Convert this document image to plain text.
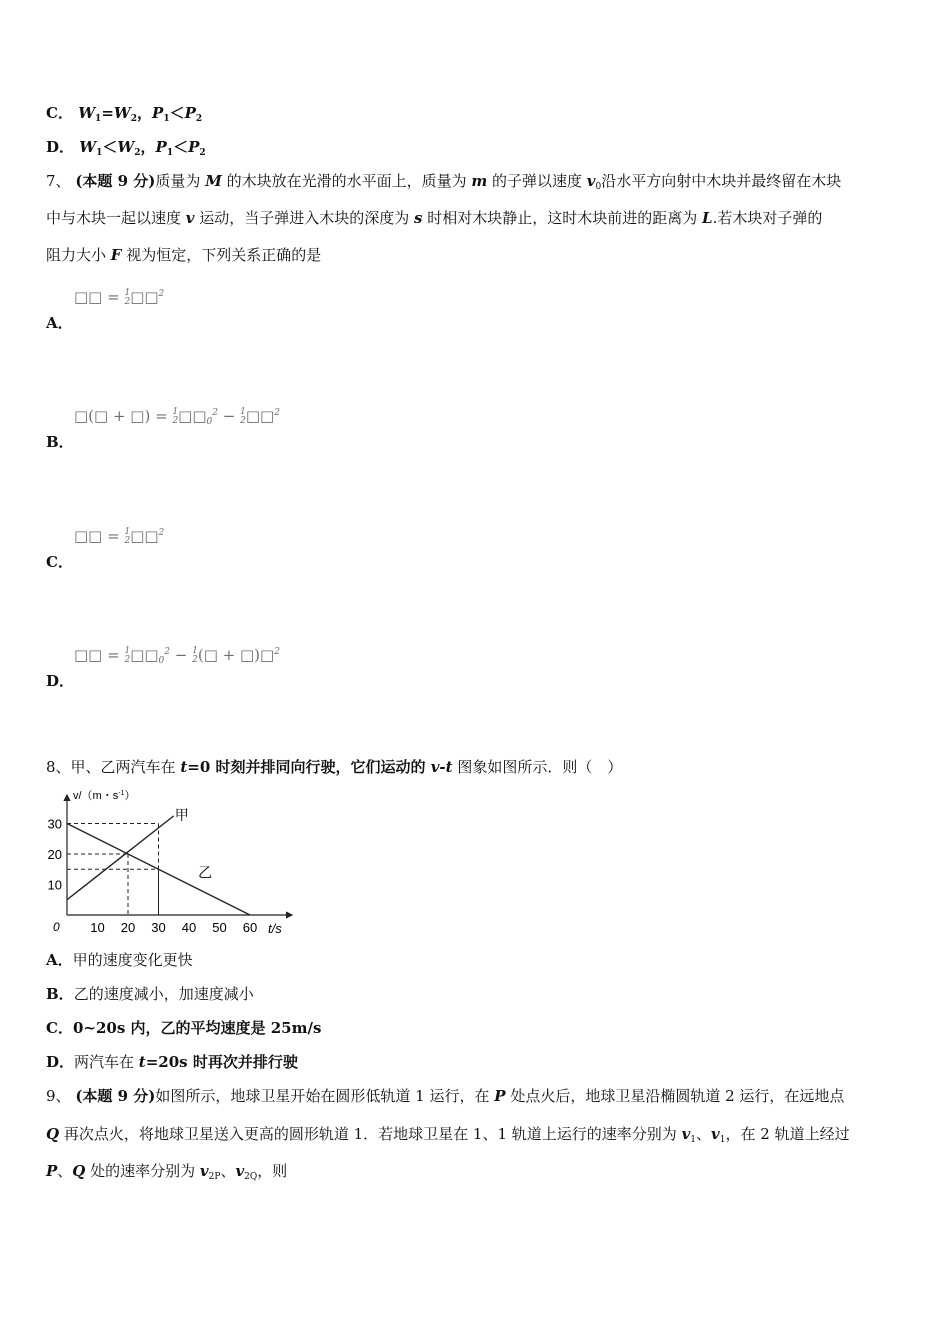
C． $W_1=W_2$，$P_1<P_2$
D． $W_1<W_2$，$P_1<P_2$
7、 (本题 9 分)质量为 M 的木块放在光滑的水平面上，质量为 m 的子弹以速度 $v_0$沿水平方向射中木块并最终留在木块
中与木块一起以速度 v 运动，当子弹进入木块的深度为 s 时相对木块静止，这时木块前进的距离为 L.若木块对子弹的
阻力大小 F 视为恒定，下列关系正确的是
□□ = 1
2 □□$^2$
A．
□(□ + □) = 1
2 $□□_0^2 - 1$
2 □□$^2$
B．
□□ = 1
2 □□$^2$
C．
□□ = 1
2 $□□_0^2 - 1$
2 (□ + □)□$^2$
D．
8、甲、乙两汽车在 t=0 时刻并排同向行驶，它们运动的 v-t 图象如图所示．则（　）
甲
乙
10 20 30 40 50 60
10
20
30
0	t/s
v/（m・$s^{-1}$）
A．甲的速度变化更快
B．乙的速度减小，加速度减小
C．0~20s 内，乙的平均速度是 25m/s
D．两汽车在 t=20s 时再次并排行驶
9、 (本题 9 分)如图所示，地球卫星开始在圆形低轨道 1 运行，在 P 处点火后，地球卫星沿椭圆轨道 2 运行，在远地点
Q 再次点火，将地球卫星送入更高的圆形轨道 1．若地球卫星在 1、1 轨道上运行的速率分别为 $v_1$、$v_1$，在 2 轨道上经过
P、Q 处的速率分别为 $v_{2P}$、$v_{2Q}$，则
